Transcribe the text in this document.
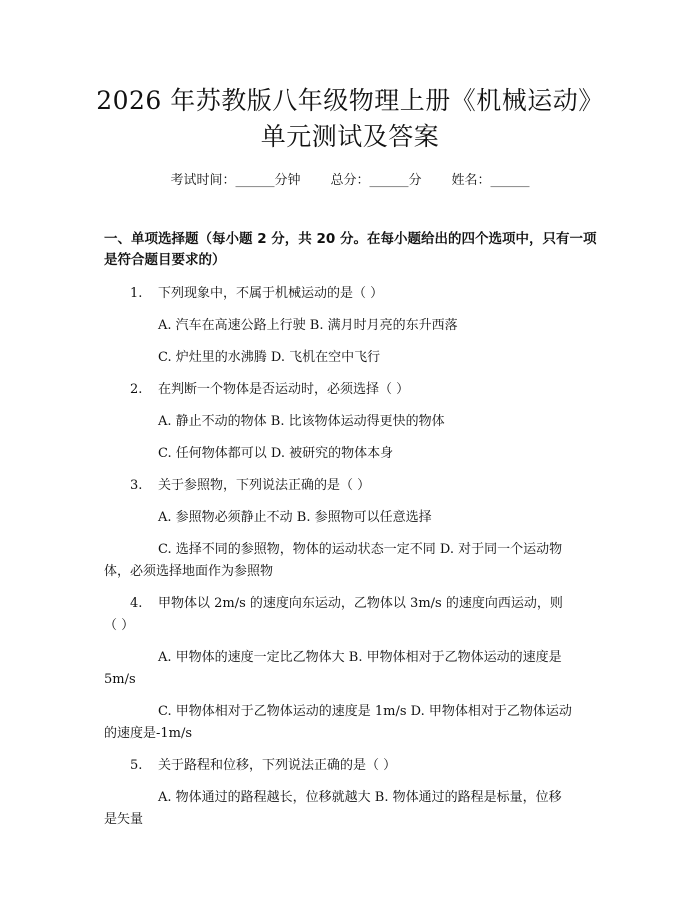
2026 年苏教版八年级物理上册《机械运动》
单元测试及答案
考试时间：______分钟 总分：______分 姓名：______
一、单项选择题（每小题 2 分，共 20 分。在每小题给出的四个选项中，只有一项
是符合题目要求的）
1. 下列现象中，不属于机械运动的是（ ）
A. 汽车在高速公路上行驶 B. 满月时月亮的东升西落
C. 炉灶里的水沸腾 D. 飞机在空中飞行
2. 在判断一个物体是否运动时，必须选择（ ）
A. 静止不动的物体 B. 比该物体运动得更快的物体
C. 任何物体都可以 D. 被研究的物体本身
3. 关于参照物，下列说法正确的是（ ）
A. 参照物必须静止不动 B. 参照物可以任意选择
C. 选择不同的参照物，物体的运动状态一定不同 D. 对于同一个运动物
体，必须选择地面作为参照物
4. 甲物体以 2m/s 的速度向东运动，乙物体以 3m/s 的速度向西运动，则
（ ）
A. 甲物体的速度一定比乙物体大 B. 甲物体相对于乙物体运动的速度是
5m/s
C. 甲物体相对于乙物体运动的速度是 1m/s D. 甲物体相对于乙物体运动
的速度是-1m/s
5. 关于路程和位移，下列说法正确的是（ ）
A. 物体通过的路程越长，位移就越大 B. 物体通过的路程是标量，位移
是矢量
